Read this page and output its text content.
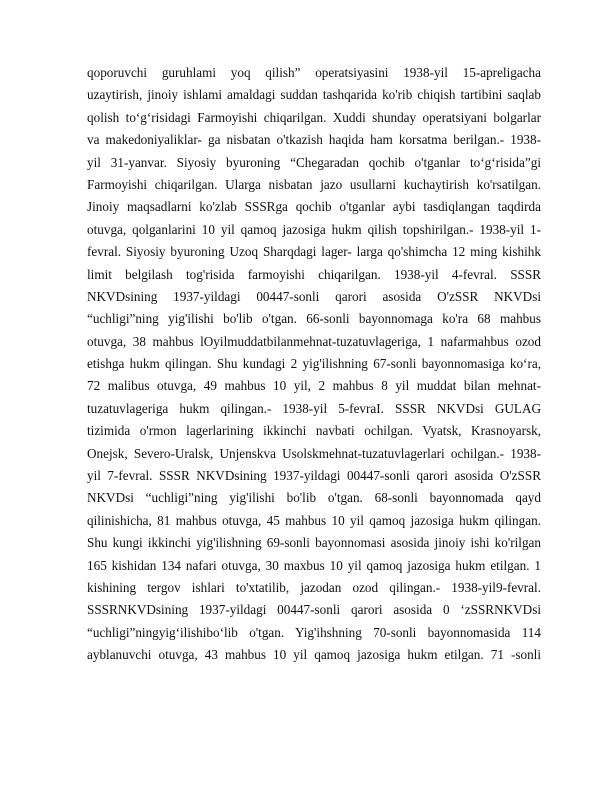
qoporuvchi guruhlami yoq qilish” operatsiyasini 1938-yil 15-apreligacha
uzaytirish, jinoiy ishlami amaldagi suddan tashqarida ko'rib chiqish tartibini saqlab
qolish to‘g‘risidagi Farmoyishi chiqarilgan. Xuddi shunday operatsiyani bolgarlar
va makedoniyaliklar- ga nisbatan o'tkazish haqida ham korsatma berilgan.- 1938-
yil 31-yanvar. Siyosiy byuroning “Chegaradan qochib o'tganlar to‘g‘risida”gi
Farmoyishi chiqarilgan. Ularga nisbatan jazo usullarni kuchaytirish ko'rsatilgan.
Jinoiy maqsadlarni ko'zlab SSSRga qochib o'tganlar aybi tasdiqlangan taqdirda
otuvga, qolganlarini 10 yil qamoq jazosiga hukm qilish topshirilgan.- 1938-yil 1-
fevral. Siyosiy byuroning Uzoq Sharqdagi lager- larga qo'shimcha 12 ming kishihk
limit belgilash tog'risida farmoyishi chiqarilgan. 1938-yil 4-fevral. SSSR
NKVDsining 1937-yildagi 00447-sonli qarori asosida O'zSSR NKVDsi
“uchligi”ning yig'ilishi bo'lib o'tgan. 66-sonli bayonnomaga ko'ra 68 mahbus
otuvga, 38 mahbus lOyilmuddatbilanmehnat-tuzatuvlageriga, 1 nafarmahbus ozod
etishga hukm qilingan. Shu kundagi 2 yig'ilishning 67-sonli bayonnomasiga ko‘ra,
72 malibus otuvga, 49 mahbus 10 yil, 2 mahbus 8 yil muddat bilan mehnat-
tuzatuvlageriga hukm qilingan.- 1938-yil 5-fevraI. SSSR NKVDsi GULAG
tizimida o'rmon lagerlarining ikkinchi navbati ochilgan. Vyatsk, Krasnoyarsk,
Onejsk, Severo-Uralsk, Unjenskva Usolskmehnat-tuzatuvlagerlari ochilgan.- 1938-
yil 7-fevral. SSSR NKVDsining 1937-yildagi 00447-sonli qarori asosida O'zSSR
NKVDsi “uchligi”ning yig'ilishi bo'lib o'tgan. 68-sonli bayonnomada qayd
qilinishicha, 81 mahbus otuvga, 45 mahbus 10 yil qamoq jazosiga hukm qilingan.
Shu kungi ikkinchi yig'ilishning 69-sonli bayonnomasi asosida jinoiy ishi ko'rilgan
165 kishidan 134 nafari otuvga, 30 maxbus 10 yil qamoq jazosiga hukm etilgan. 1
kishining tergov ishlari to'xtatilib, jazodan ozod qilingan.- 1938-yil9-fevral.
SSSRNKVDsining 1937-yildagi 00447-sonli qarori asosida 0 ‘zSSRNKVDsi
“uchligi”ningyig‘ilishibo‘lib o'tgan. Yig'ihshning 70-sonli bayonnomasida 114
ayblanuvchi otuvga, 43 mahbus 10 yil qamoq jazosiga hukm etilgan. 71 -sonli
